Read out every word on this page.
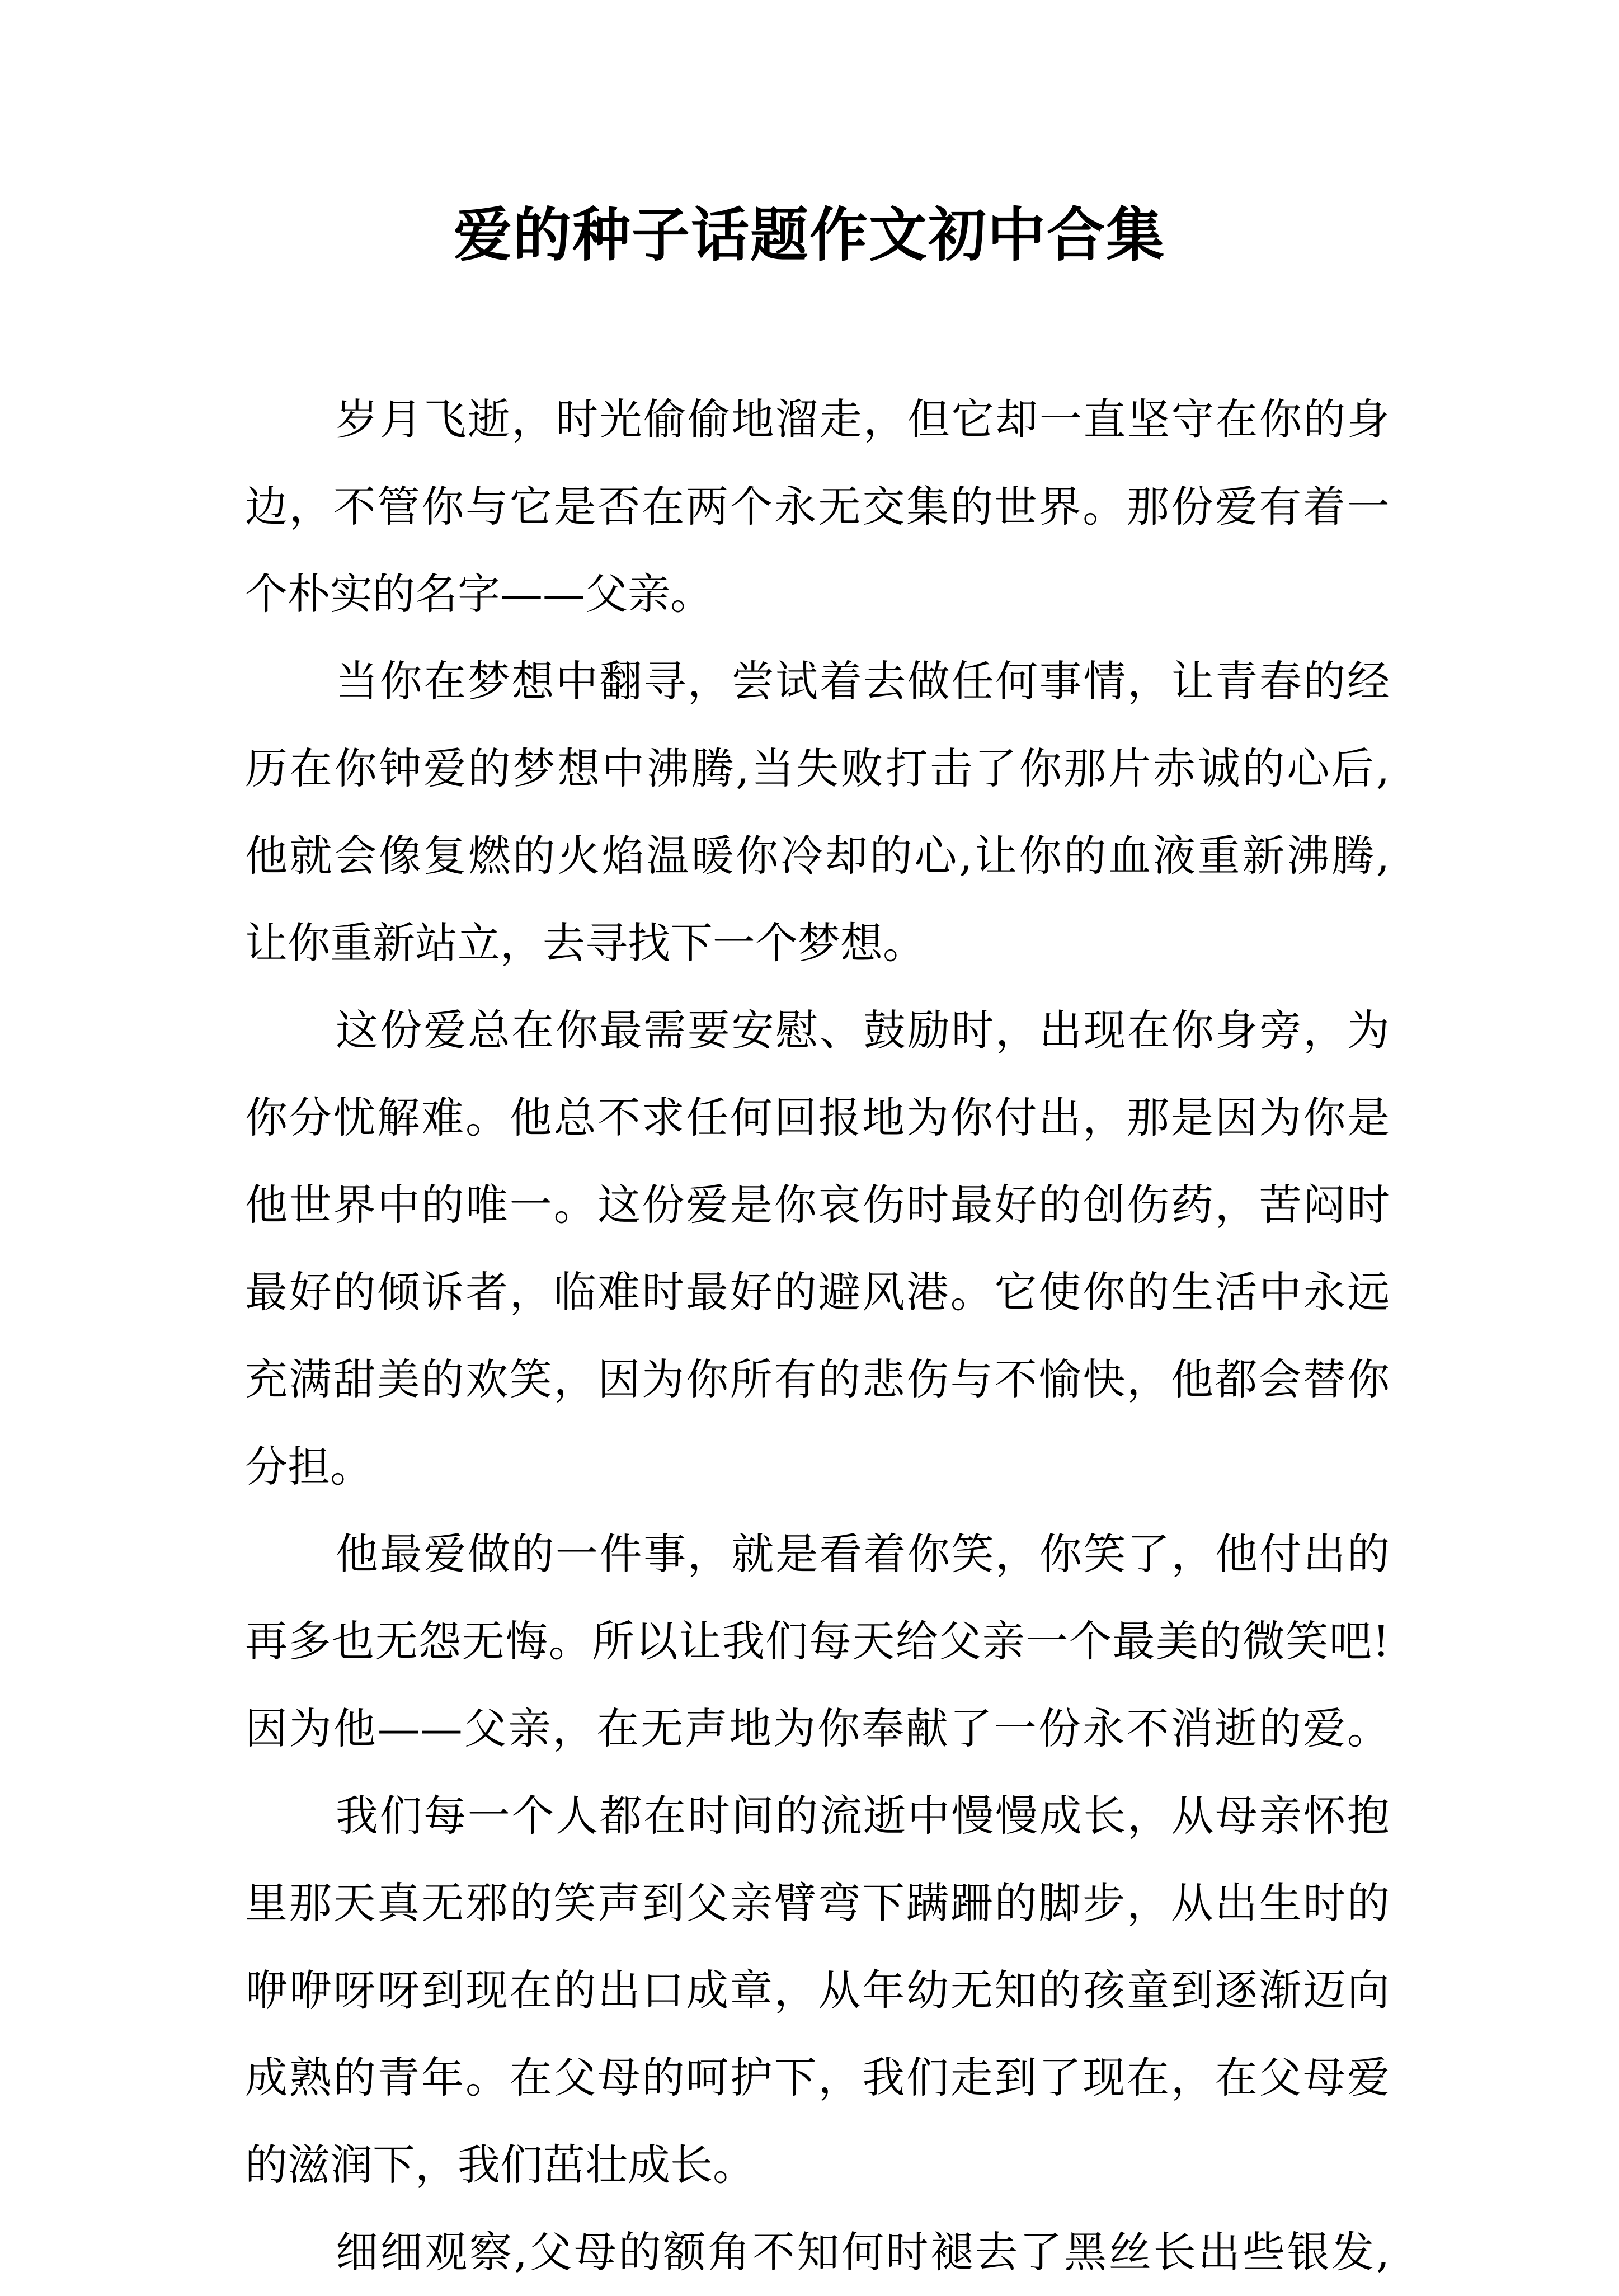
爱的种子话题作文初中合集
岁月飞逝，时光偷偷地溜走，但它却一直坚守在你的身
边，不管你与它是否在两个永无交集的世界。那份爱有着一
个朴实的名字——父亲。
当你在梦想中翻寻，尝试着去做任何事情，让青春的经
历在你钟爱的梦想中沸腾,当失败打击了你那片赤诚的心后,
他就会像复燃的火焰温暖你冷却的心,让你的血液重新沸腾,
让你重新站立，去寻找下一个梦想。
这份爱总在你最需要安慰、鼓励时，出现在你身旁，为
你分忧解难。他总不求任何回报地为你付出，那是因为你是
他世界中的唯一。这份爱是你哀伤时最好的创伤药，苦闷时
最好的倾诉者，临难时最好的避风港。它使你的生活中永远
充满甜美的欢笑，因为你所有的悲伤与不愉快，他都会替你
分担。
他最爱做的一件事，就是看着你笑，你笑了，他付出的
再多也无怨无悔。所以让我们每天给父亲一个最美的微笑吧!
因为他——父亲，在无声地为你奉献了一份永不消逝的爱。
我们每一个人都在时间的流逝中慢慢成长，从母亲怀抱
里那天真无邪的笑声到父亲臂弯下蹒跚的脚步，从出生时的
咿咿呀呀到现在的出口成章，从年幼无知的孩童到逐渐迈向
成熟的青年。在父母的呵护下，我们走到了现在，在父母爱
的滋润下，我们茁壮成长。
细细观察,父母的额角不知何时褪去了黑丝长出些银发,
